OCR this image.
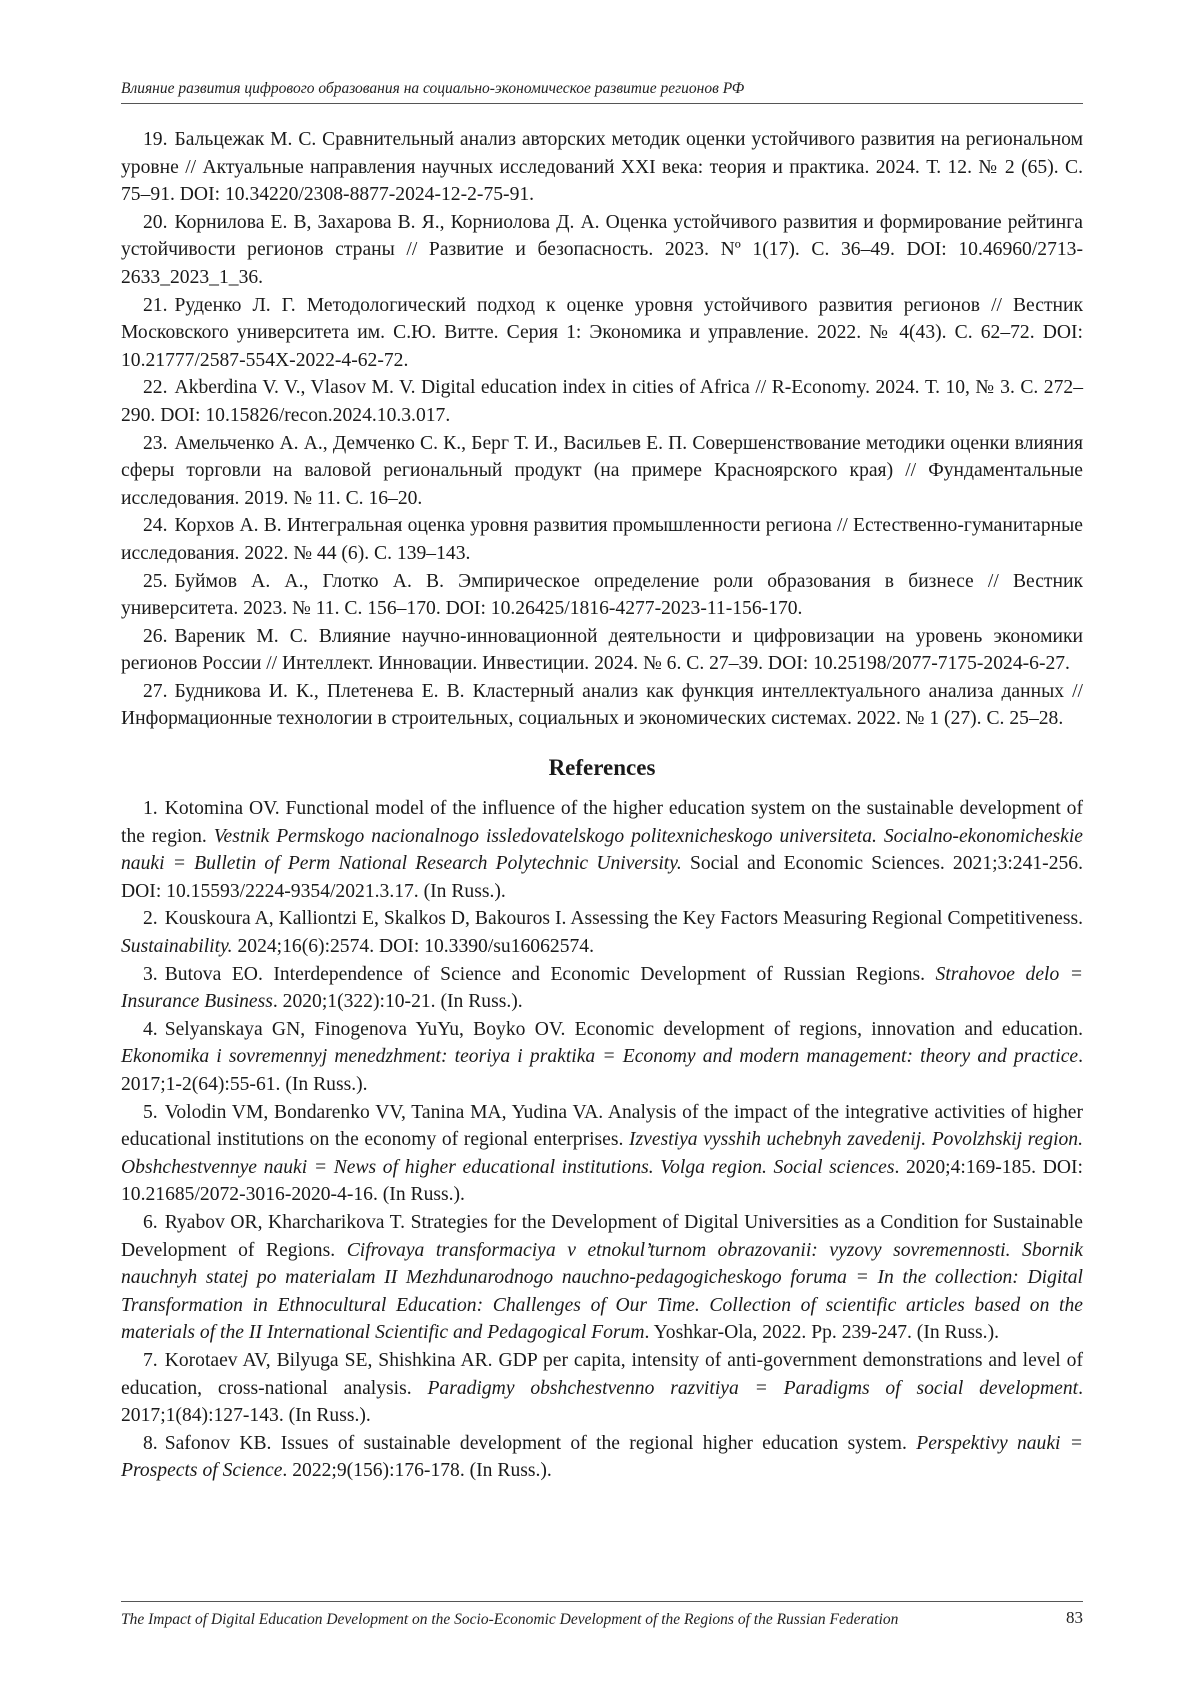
Влияние развития цифрового образования на социально-экономическое развитие регионов РФ

19. Бальцежак М. С. Сравнительный анализ авторских методик оценки устойчивого развития на региональном уровне // Актуальные направления научных исследований XXI века: теория и практика. 2024. Т. 12. № 2 (65). С. 75–91. DOI: 10.34220/2308-8877-2024-12-2-75-91.

20. Корнилова Е. В, Захарова В. Я., Корниолова Д. А. Оценка устойчивого развития и формирование рейтинга устойчивости регионов страны // Развитие и безопасность. 2023. Nº 1(17). С. 36–49. DOI: 10.46960/2713-2633_2023_1_36.

21. Руденко Л. Г. Методологический подход к оценке уровня устойчивого развития регионов // Вестник Московского университета им. С.Ю. Витте. Серия 1: Экономика и управление. 2022. № 4(43). С. 62–72. DOI: 10.21777/2587-554X-2022-4-62-72.

22. Akberdina V. V., Vlasov M. V. Digital education index in cities of Africa // R-Economy. 2024. Т. 10, № 3. С. 272–290. DOI: 10.15826/recon.2024.10.3.017.

23. Амельченко А. А., Демченко С. К., Берг Т. И., Васильев Е. П. Совершенствование методики оценки влияния сферы торговли на валовой региональный продукт (на примере Красноярского края) // Фундаментальные исследования. 2019. № 11. С. 16–20.

24. Корхов А. В. Интегральная оценка уровня развития промышленности региона // Естественно-гуманитарные исследования. 2022. № 44 (6). С. 139–143.

25. Буймов А. А., Глотко А. В. Эмпирическое определение роли образования в бизнесе // Вестник университета. 2023. № 11. С. 156–170. DOI: 10.26425/1816-4277-2023-11-156-170.

26. Вареник М. С. Влияние научно-инновационной деятельности и цифровизации на уровень экономики регионов России // Интеллект. Инновации. Инвестиции. 2024. № 6. С. 27–39. DOI: 10.25198/2077-7175-2024-6-27.

27. Будникова И. К., Плетенева Е. В. Кластерный анализ как функция интеллектуального анализа данных // Информационные технологии в строительных, социальных и экономических системах. 2022. № 1 (27). С. 25–28.

References

1. Kotomina OV. Functional model of the influence of the higher education system on the sustainable development of the region. Vestnik Permskogo nacionalnogo issledovatelskogo politexnicheskogo universiteta. Socialno-ekonomicheskie nauki = Bulletin of Perm National Research Polytechnic University. Social and Economic Sciences. 2021;3:241-256. DOI: 10.15593/2224-9354/2021.3.17. (In Russ.).

2. Kouskoura A, Kalliontzi E, Skalkos D, Bakouros I. Assessing the Key Factors Measuring Regional Competitiveness. Sustainability. 2024;16(6):2574. DOI: 10.3390/su16062574.

3. Butova EO. Interdependence of Science and Economic Development of Russian Regions. Strahovoe delo = Insurance Business. 2020;1(322):10-21. (In Russ.).

4. Selyanskaya GN, Finogenova YuYu, Boyko OV. Economic development of regions, innovation and education. Ekonomika i sovremennyj menedzhment: teoriya i praktika = Economy and modern management: theory and practice. 2017;1-2(64):55-61. (In Russ.).

5. Volodin VM, Bondarenko VV, Tanina MA, Yudina VA. Analysis of the impact of the integrative activities of higher educational institutions on the economy of regional enterprises. Izvestiya vysshih uchebnyh zavedenij. Povolzhskij region. Obshchestvennye nauki = News of higher educational institutions. Volga region. Social sciences. 2020;4:169-185. DOI: 10.21685/2072-3016-2020-4-16. (In Russ.).

6. Ryabov OR, Kharcharikova T. Strategies for the Development of Digital Universities as a Condition for Sustainable Development of Regions. Cifrovaya transformaciya v etnokul’turnom obrazovanii: vyzovy sovremennosti. Sbornik nauchnyh statej po materialam II Mezhdunarodnogo nauchno-pedagogicheskogo foruma = In the collection: Digital Transformation in Ethnocultural Education: Challenges of Our Time. Collection of scientific articles based on the materials of the II International Scientific and Pedagogical Forum. Yoshkar-Ola, 2022. Pp. 239-247. (In Russ.).

7. Korotaev AV, Bilyuga SE, Shishkina AR. GDP per capita, intensity of anti-government demonstrations and level of education, cross-national analysis. Paradigmy obshchestvenno razvitiya = Paradigms of social development. 2017;1(84):127-143. (In Russ.).

8. Safonov KB. Issues of sustainable development of the regional higher education system. Perspektivy nauki = Prospects of Science. 2022;9(156):176-178. (In Russ.).

The Impact of Digital Education Development on the Socio-Economic Development of the Regions of the Russian Federation	83
